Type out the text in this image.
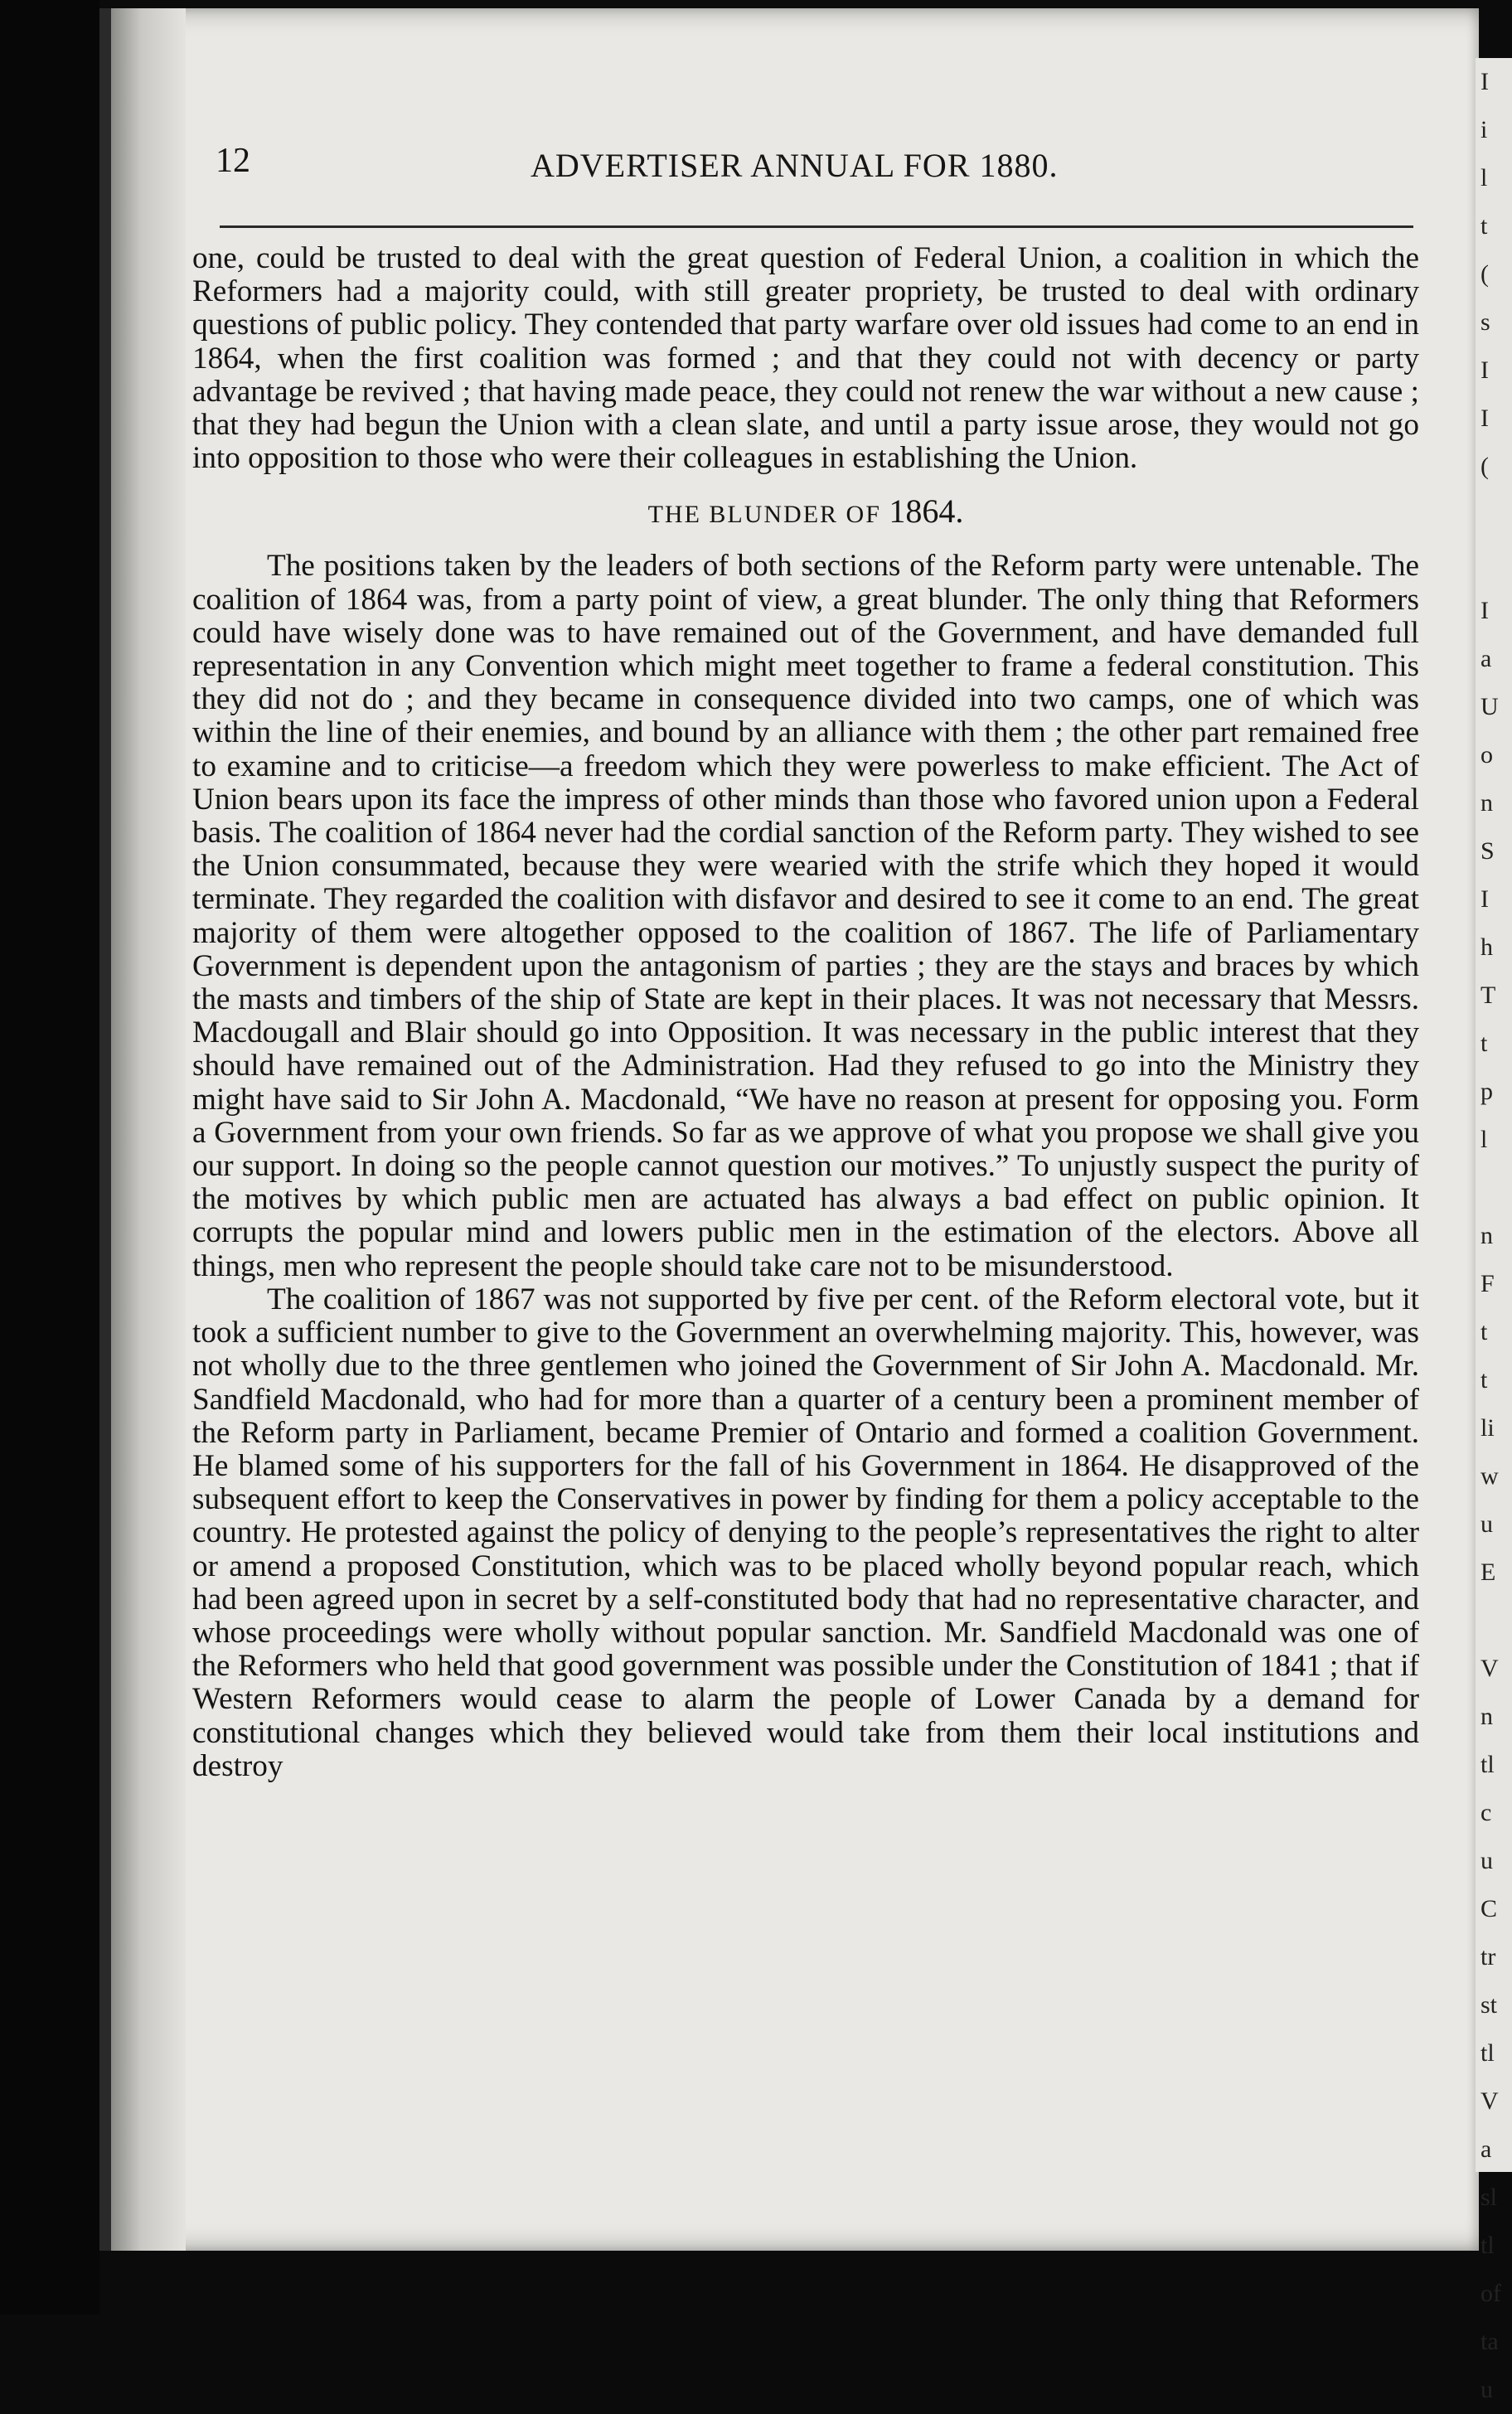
I
i
l
t
(
s
I
I
(

I
a
U
o
n
S
I
h
T
t
p
l

n
F
t
t
li
w
u
E

V
n
tl
c
u
C
tr
st
tl
V
a
sl
tl
of
ta
u
12	ADVERTISER ANNUAL FOR 1880.

one, could be trusted to deal with the great question of Federal Union, a coalition in which the Reformers had a majority could, with still greater propriety, be trusted to deal with ordinary questions of public policy. They contended that party warfare over old issues had come to an end in 1864, when the first coalition was formed ; and that they could not with decency or party advantage be revived ; that having made peace, they could not renew the war without a new cause ; that they had begun the Union with a clean slate, and until a party issue arose, they would not go into opposition to those who were their colleagues in establishing the Union.

THE BLUNDER OF 1864.

The positions taken by the leaders of both sections of the Reform party were untenable. The coalition of 1864 was, from a party point of view, a great blunder. The only thing that Reformers could have wisely done was to have remained out of the Government, and have demanded full representation in any Convention which might meet together to frame a federal constitution. This they did not do ; and they became in consequence divided into two camps, one of which was within the line of their enemies, and bound by an alliance with them ; the other part remained free to examine and to criticise—a freedom which they were powerless to make efficient. The Act of Union bears upon its face the impress of other minds than those who favored union upon a Federal basis. The coalition of 1864 never had the cordial sanction of the Reform party. They wished to see the Union consummated, because they were wearied with the strife which they hoped it would terminate. They regarded the coalition with disfavor and desired to see it come to an end. The great majority of them were altogether opposed to the coalition of 1867. The life of Parliamentary Government is dependent upon the antagonism of parties ; they are the stays and braces by which the masts and timbers of the ship of State are kept in their places. It was not necessary that Messrs. Macdougall and Blair should go into Opposition. It was necessary in the public interest that they should have remained out of the Administration. Had they refused to go into the Ministry they might have said to Sir John A. Macdonald, “We have no reason at present for opposing you. Form a Government from your own friends. So far as we approve of what you propose we shall give you our support. In doing so the people cannot question our motives.” To unjustly suspect the purity of the motives by which public men are actuated has always a bad effect on public opinion. It corrupts the popular mind and lowers public men in the estimation of the electors. Above all things, men who represent the people should take care not to be misunderstood.

The coalition of 1867 was not supported by five per cent. of the Reform electoral vote, but it took a sufficient number to give to the Government an overwhelming majority. This, however, was not wholly due to the three gentlemen who joined the Government of Sir John A. Macdonald. Mr. Sandfield Macdonald, who had for more than a quarter of a century been a prominent member of the Reform party in Parliament, became Premier of Ontario and formed a coalition Government. He blamed some of his supporters for the fall of his Government in 1864. He disapproved of the subsequent effort to keep the Conservatives in power by finding for them a policy acceptable to the country. He protested against the policy of denying to the people’s representatives the right to alter or amend a proposed Constitution, which was to be placed wholly beyond popular reach, which had been agreed upon in secret by a self-constituted body that had no representative character, and whose proceedings were wholly without popular sanction. Mr. Sandfield Macdonald was one of the Reformers who held that good government was possible under the Constitution of 1841 ; that if Western Reformers would cease to alarm the people of Lower Canada by a demand for constitutional changes which they believed would take from them their local institutions and destroy
